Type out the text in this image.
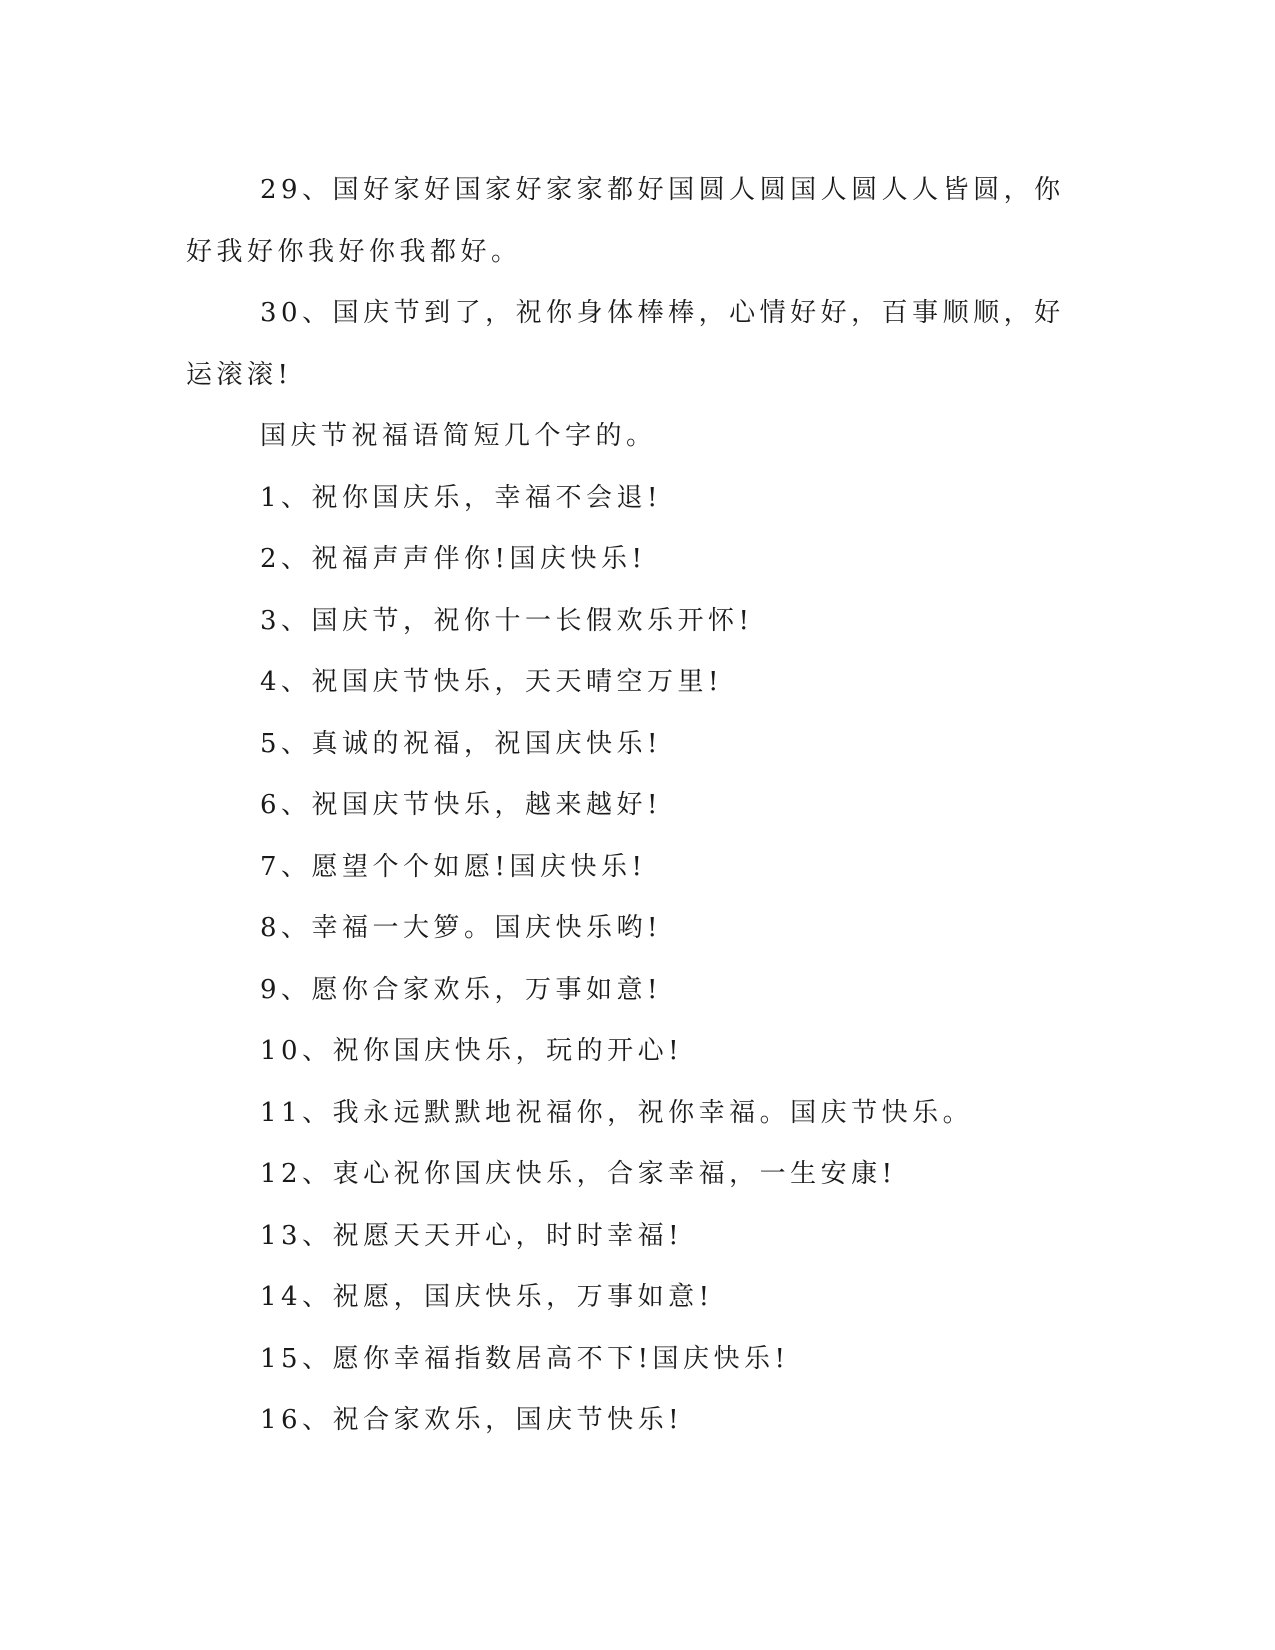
29、国好家好国家好家家都好国圆人圆国人圆人人皆圆，你好我好你我好你我都好。

30、国庆节到了，祝你身体棒棒，心情好好，百事顺顺，好运滚滚!

国庆节祝福语简短几个字的。

1、祝你国庆乐，幸福不会退!

2、祝福声声伴你!国庆快乐!

3、国庆节，祝你十一长假欢乐开怀!

4、祝国庆节快乐，天天晴空万里!

5、真诚的祝福，祝国庆快乐!

6、祝国庆节快乐，越来越好!

7、愿望个个如愿!国庆快乐!

8、幸福一大箩。国庆快乐哟!

9、愿你合家欢乐，万事如意!

10、祝你国庆快乐，玩的开心!

11、我永远默默地祝福你，祝你幸福。国庆节快乐。

12、衷心祝你国庆快乐，合家幸福，一生安康!

13、祝愿天天开心，时时幸福!

14、祝愿，国庆快乐，万事如意!

15、愿你幸福指数居高不下!国庆快乐!

16、祝合家欢乐，国庆节快乐!
